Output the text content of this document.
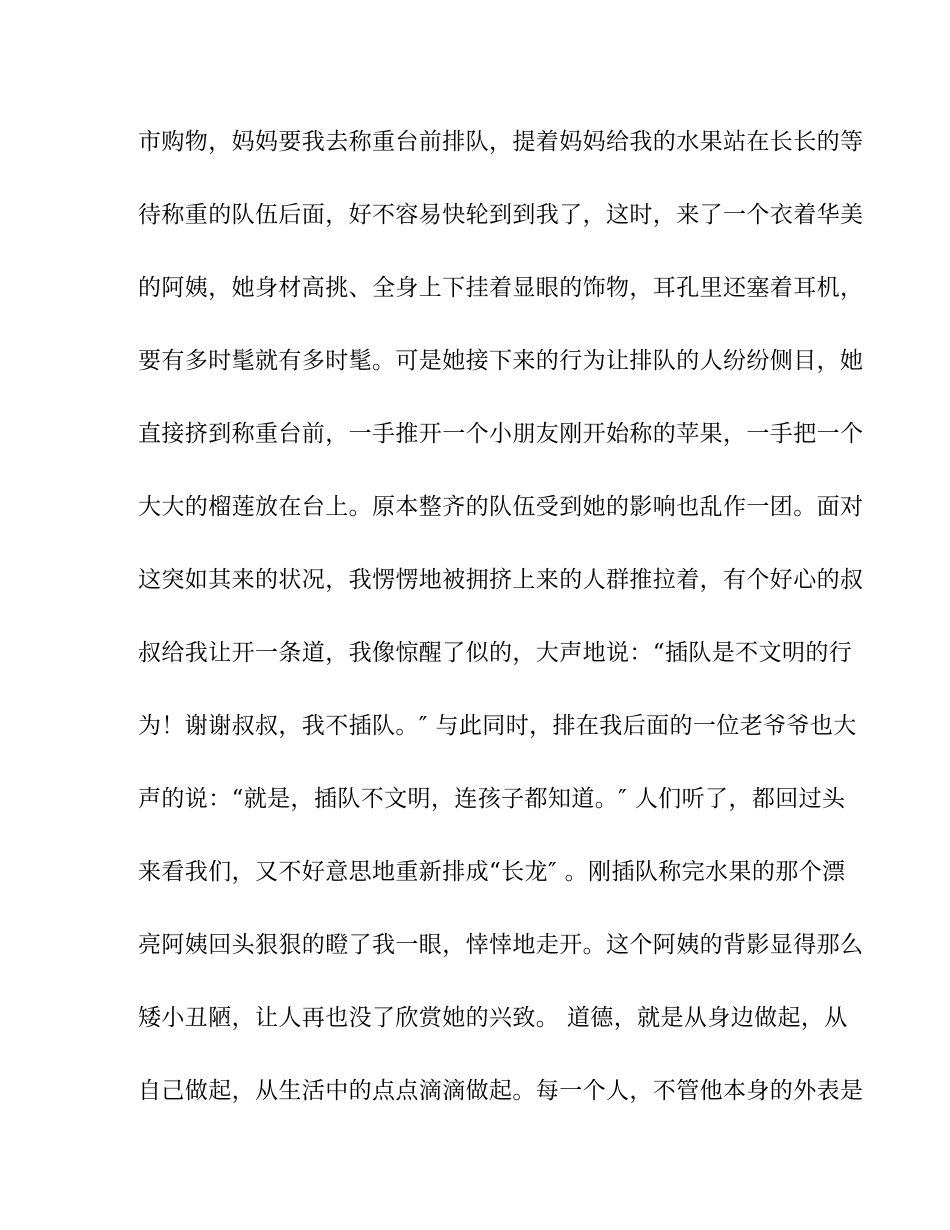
市购物，妈妈要我去称重台前排队，提着妈妈给我的水果站在长长的等
待称重的队伍后面，好不容易快轮到到我了，这时，来了一个衣着华美
的阿姨，她身材高挑、全身上下挂着显眼的饰物，耳孔里还塞着耳机，
要有多时髦就有多时髦。可是她接下来的行为让排队的人纷纷侧目，她
直接挤到称重台前，一手推开一个小朋友刚开始称的苹果，一手把一个
大大的榴莲放在台上。原本整齐的队伍受到她的影响也乱作一团。面对
这突如其来的状况，我愣愣地被拥挤上来的人群推拉着，有个好心的叔
叔给我让开一条道，我像惊醒了似的，大声地说：“插队是不文明的行
为！谢谢叔叔，我不插队。″ 与此同时，排在我后面的一位老爷爷也大
声的说：“就是，插队不文明，连孩子都知道。″ 人们听了，都回过头
来看我们，又不好意思地重新排成“长龙″ 。刚插队称完水果的那个漂
亮阿姨回头狠狠的瞪了我一眼，悻悻地走开。这个阿姨的背影显得那么
矮小丑陋，让人再也没了欣赏她的兴致。 道德，就是从身边做起，从
自己做起，从生活中的点点滴滴做起。每一个人，不管他本身的外表是
